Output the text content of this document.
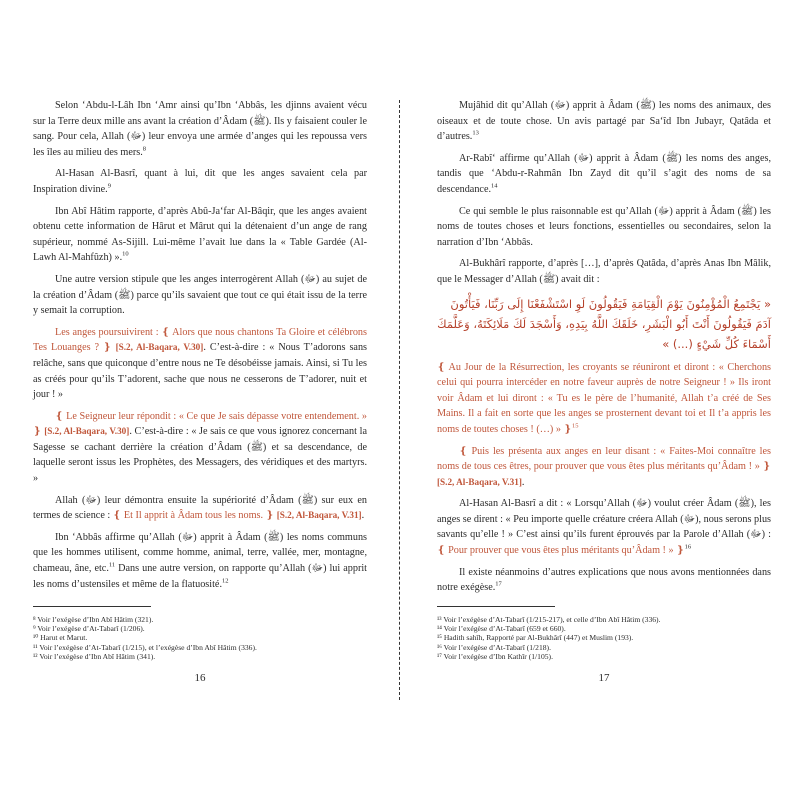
Selon ‘Abdu-l-Lâh Ibn ‘Amr ainsi qu’Ibn ‘Abbâs, les djinns avaient vécu sur la Terre deux mille ans avant la création d’Âdam (ﷺ). Ils y faisaient couler le sang. Pour cela, Allah (ﷻ) leur envoya une armée d’anges qui les repoussa vers les îles au milieu des mers.$^8$

Al-Hasan Al-Basrî, quant à lui, dit que les anges savaient cela par Inspiration divine.$^9$

Ibn Abî Hâtim rapporte, d’après Abû-Ja‘far Al-Bâqir, que les anges avaient obtenu cette information de Hârut et Mârut qui la détenaient d’un ange de rang supérieur, nommé As-Sijill. Lui-même l’avait lue dans la « Table Gardée (Al-Lawh Al-Mahfûzh) ».$^{10}$

Une autre version stipule que les anges interrogèrent Allah (ﷻ) au sujet de la création d’Âdam (ﷺ) parce qu’ils savaient que tout ce qui était issu de la terre y semait la corruption.

Les anges poursuivirent : ❴ Alors que nous chantons Ta Gloire et célébrons Tes Louanges ? ❵ [S.2, Al-Baqara, V.30]. C’est-à-dire : « Nous T’adorons sans relâche, sans que quiconque d’entre nous ne Te désobéisse jamais. Ainsi, si Tu les as créés pour qu’ils T’adorent, sache que nous ne cesserons de T’adorer, nuit et jour ! »

❴ Le Seigneur leur répondit : « Ce que Je sais dépasse votre entendement. » ❵ [S.2, Al-Baqara, V.30]. C’est-à-dire : « Je sais ce que vous ignorez concernant la Sagesse se cachant derrière la création d’Âdam (ﷺ) et sa descendance, de laquelle seront issus les Prophètes, des Messagers, des véridiques et des martyrs. »

Allah (ﷻ) leur démontra ensuite la supériorité d’Âdam (ﷺ) sur eux en termes de science : ❴ Et Il apprit à Âdam tous les noms. ❵ [S.2, Al-Baqara, V.31].

Ibn ‘Abbâs affirme qu’Allah (ﷻ) apprit à Âdam (ﷺ) les noms communs que les hommes utilisent, comme homme, animal, terre, vallée, mer, montagne, chameau, âne, etc.$^{11}$ Dans une autre version, on rapporte qu’Allah (ﷻ) lui apprit les noms d’ustensiles et même de la flatuosité.$^{12}$

⁸ Voir l’exégèse d’Ibn Abî Hâtim (321).

⁹ Voir l’exégèse d’At-Tabarî (1/206).

¹⁰ Harut et Marut.

¹¹ Voir l’exégèse d’At-Tabarî (1/215), et l’exégèse d’Ibn Abî Hâtim (336).

¹² Voir l’exégèse d’Ibn Abî Hâtim (341).

16

Mujâhid dit qu’Allah (ﷻ) apprit à Âdam (ﷺ) les noms des animaux, des oiseaux et de toute chose. Un avis partagé par Sa‘îd Ibn Jubayr, Qatâda et d’autres.$^{13}$

Ar-Rabî‘ affirme qu’Allah (ﷻ) apprit à Âdam (ﷺ) les noms des anges, tandis que ‘Abdu-r-Rahmân Ibn Zayd dit qu’il s’agit des noms de sa descendance.$^{14}$

Ce qui semble le plus raisonnable est qu’Allah (ﷻ) apprit à Âdam (ﷺ) les noms de toutes choses et leurs fonctions, essentielles ou secondaires, selon la narration d’Ibn ‘Abbâs.

Al-Bukhârî rapporte, d’après […], d’après Qatâda, d’après Anas Ibn Mâlik, que le Messager d’Allah (ﷺ) avait dit :

« يَجْتَمِعُ الْمُؤْمِنُونَ يَوْمَ الْقِيَامَةِ فَيَقُولُونَ لَوِ اسْتَشْفَعْنَا إِلَى رَبِّنَا، فَيَأْتُونَ آدَمَ فَيَقُولُونَ أَنْتَ أَبُو الْبَشَرِ، خَلَقَكَ اللَّهُ بِيَدِهِ، وَأَسْجَدَ لَكَ مَلَائِكَتَهُ، وَعَلَّمَكَ أَسْمَاءَ كُلِّ شَيْءٍ (...) »

❴ Au Jour de la Résurrection, les croyants se réuniront et diront : « Cherchons celui qui pourra intercéder en notre faveur auprès de notre Seigneur ! » Ils iront voir Âdam et lui diront : « Tu es le père de l’humanité, Allah t’a créé de Ses Mains. Il a fait en sorte que les anges se prosternent devant toi et Il t’a appris les noms de toutes choses ! (…) » ❵$^{15}$

❴ Puis les présenta aux anges en leur disant : « Faites-Moi connaître les noms de tous ces êtres, pour prouver que vous êtes plus méritants qu’Âdam ! » ❵ [S.2, Al-Baqara, V.31].

Al-Hasan Al-Basrî a dit : « Lorsqu’Allah (ﷻ) voulut créer Âdam (ﷺ), les anges se dirent : « Peu importe quelle créature créera Allah (ﷻ), nous serons plus savants qu’elle ! » C’est ainsi qu’ils furent éprouvés par la Parole d’Allah (ﷻ) : ❴ Pour prouver que vous êtes plus méritants qu’Âdam ! » ❵$^{16}$

Il existe néanmoins d’autres explications que nous avons mentionnées dans notre exégèse.$^{17}$

¹³ Voir l’exégèse d’At-Tabarî (1/215-217), et celle d’Ibn Abî Hâtim (336).

¹⁴ Voir l’exégèse d’At-Tabarî (659 et 660).

¹⁵ Hadith sahîh, Rapporté par Al-Bukhârî (447) et Muslim (193).

¹⁶ Voir l’exégèse d’At-Tabarî (1/218).

¹⁷ Voir l’exégèse d’Ibn Kathîr (1/105).

17
